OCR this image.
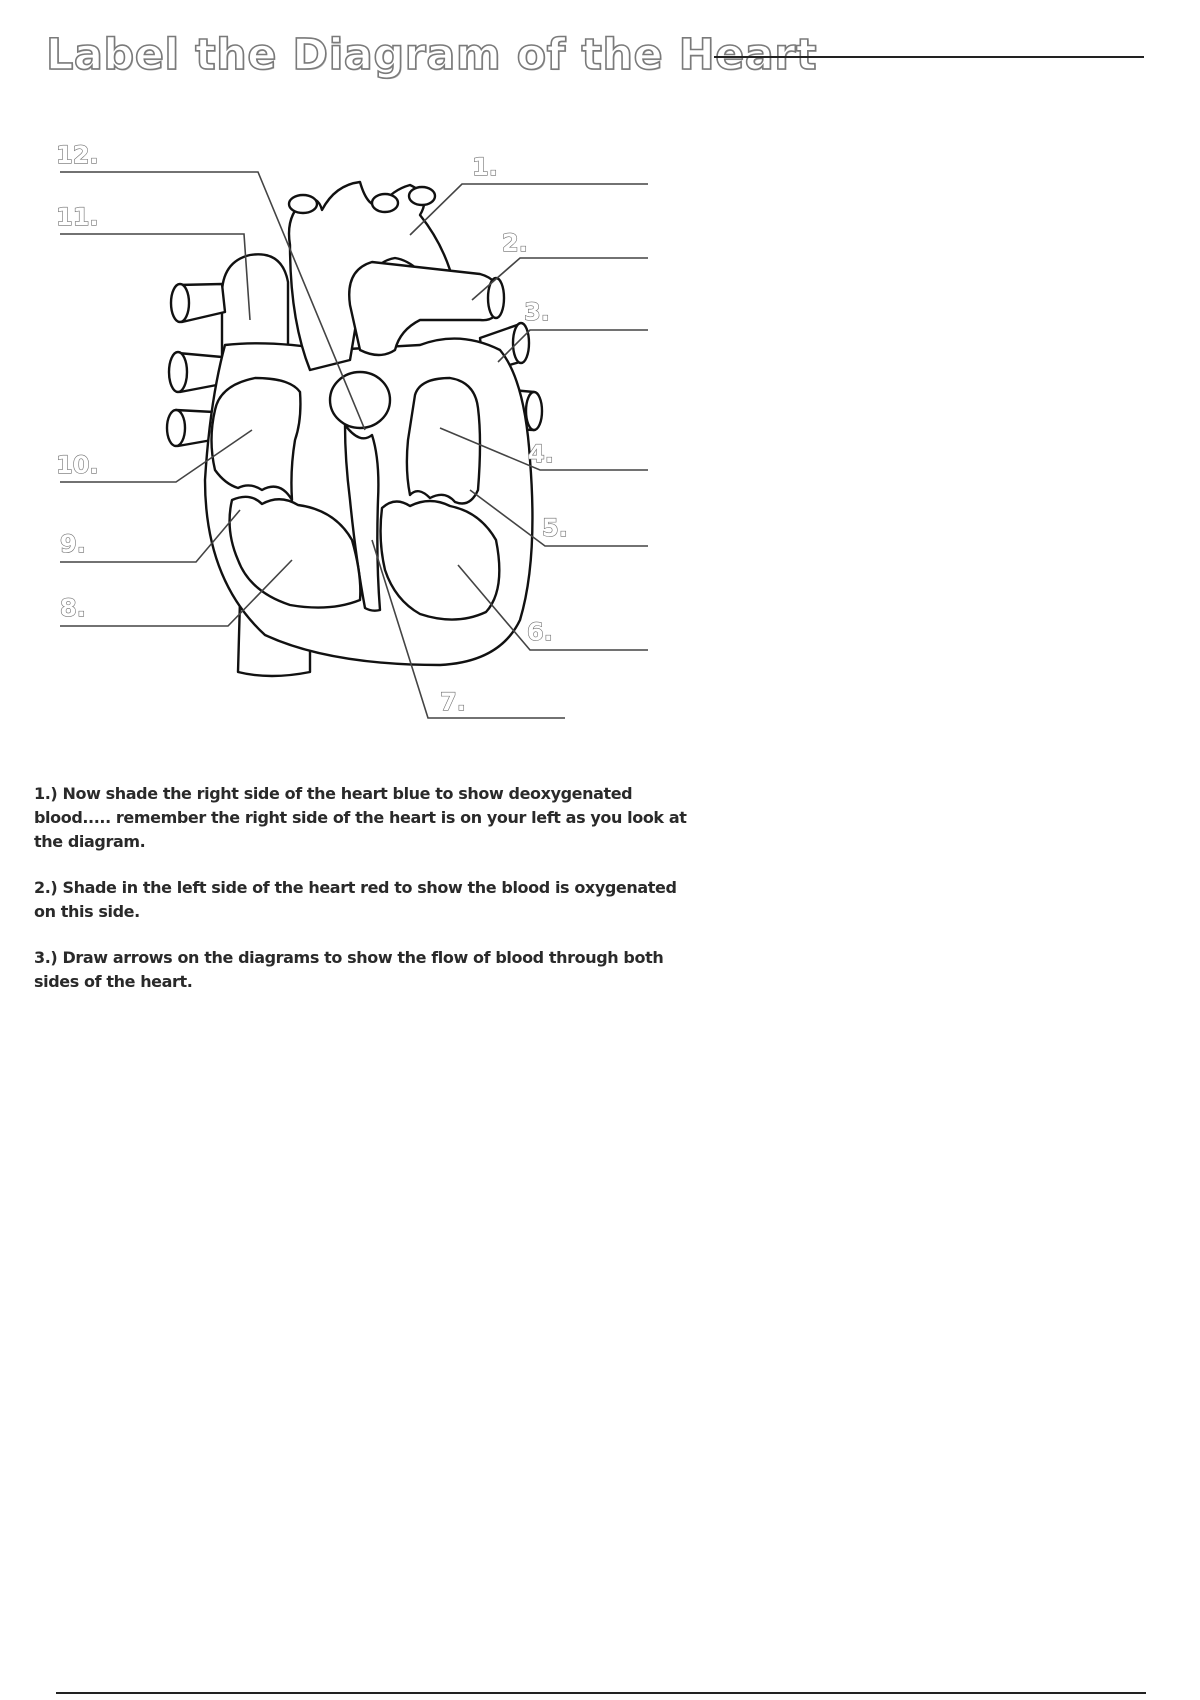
Label the Diagram of the Heart
1.
2.
3.
4.
5.
6.
7.
8.
9.
10.
11.
12.

1.) Now shade the right side of the heart blue to show deoxygenated blood..... remember the right side of the heart is on your left as you look at the diagram.

2.) Shade in the left side of the heart red to show the blood is oxygenated on this side.

3.) Draw arrows on the diagrams to show the flow of blood through both sides of the heart.
